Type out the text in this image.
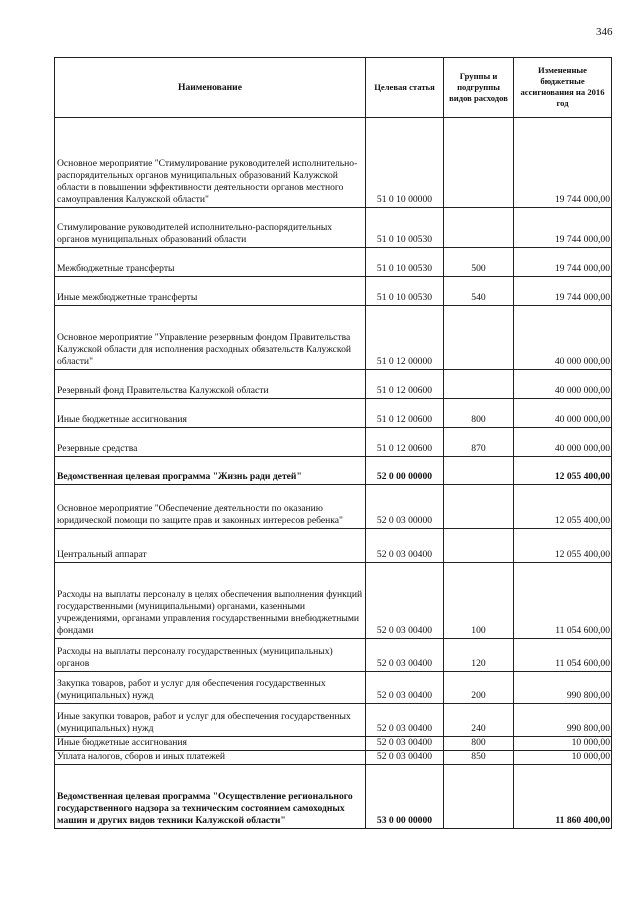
346
Наименование	Целевая статья	Группы и подгруппы видов расходов	Измененные бюджетные ассигнования на 2016 год
Основное мероприятие "Стимулирование руководителей исполнительно-распорядительных органов муниципальных образований Калужской области в повышении эффективности деятельности органов местного самоуправления Калужской области"	51 0 10 00000		19 744 000,00
Стимулирование руководителей исполнительно-распорядительных органов муниципальных образований области	51 0 10 00530		19 744 000,00
Межбюджетные трансферты	51 0 10 00530	500	19 744 000,00
Иные межбюджетные трансферты	51 0 10 00530	540	19 744 000,00
Основное мероприятие "Управление резервным фондом Правительства Калужской области для исполнения расходных обязательств Калужской области"	51 0 12 00000		40 000 000,00
Резервный фонд Правительства Калужской области	51 0 12 00600		40 000 000,00
Иные бюджетные ассигнования	51 0 12 00600	800	40 000 000,00
Резервные средства	51 0 12 00600	870	40 000 000,00
Ведомственная целевая программа "Жизнь ради детей"	52 0 00 00000		12 055 400,00
Основное мероприятие "Обеспечение деятельности по оказанию юридической помощи по защите прав и законных интересов ребенка"	52 0 03 00000		12 055 400,00
Центральный аппарат	52 0 03 00400		12 055 400,00
Расходы на выплаты персоналу в целях обеспечения выполнения функций государственными (муниципальными) органами, казенными учреждениями, органами управления государственными внебюджетными фондами	52 0 03 00400	100	11 054 600,00
Расходы на выплаты персоналу государственных (муниципальных) органов	52 0 03 00400	120	11 054 600,00
Закупка товаров, работ и услуг для обеспечения государственных (муниципальных) нужд	52 0 03 00400	200	990 800,00
Иные закупки товаров, работ и услуг для обеспечения государственных (муниципальных) нужд	52 0 03 00400	240	990 800,00
Иные бюджетные ассигнования	52 0 03 00400	800	10 000,00
Уплата налогов, сборов и иных платежей	52 0 03 00400	850	10 000,00
Ведомственная целевая программа "Осуществление регионального государственного надзора за техническим состоянием самоходных машин и других видов техники Калужской области"	53 0 00 00000		11 860 400,00
